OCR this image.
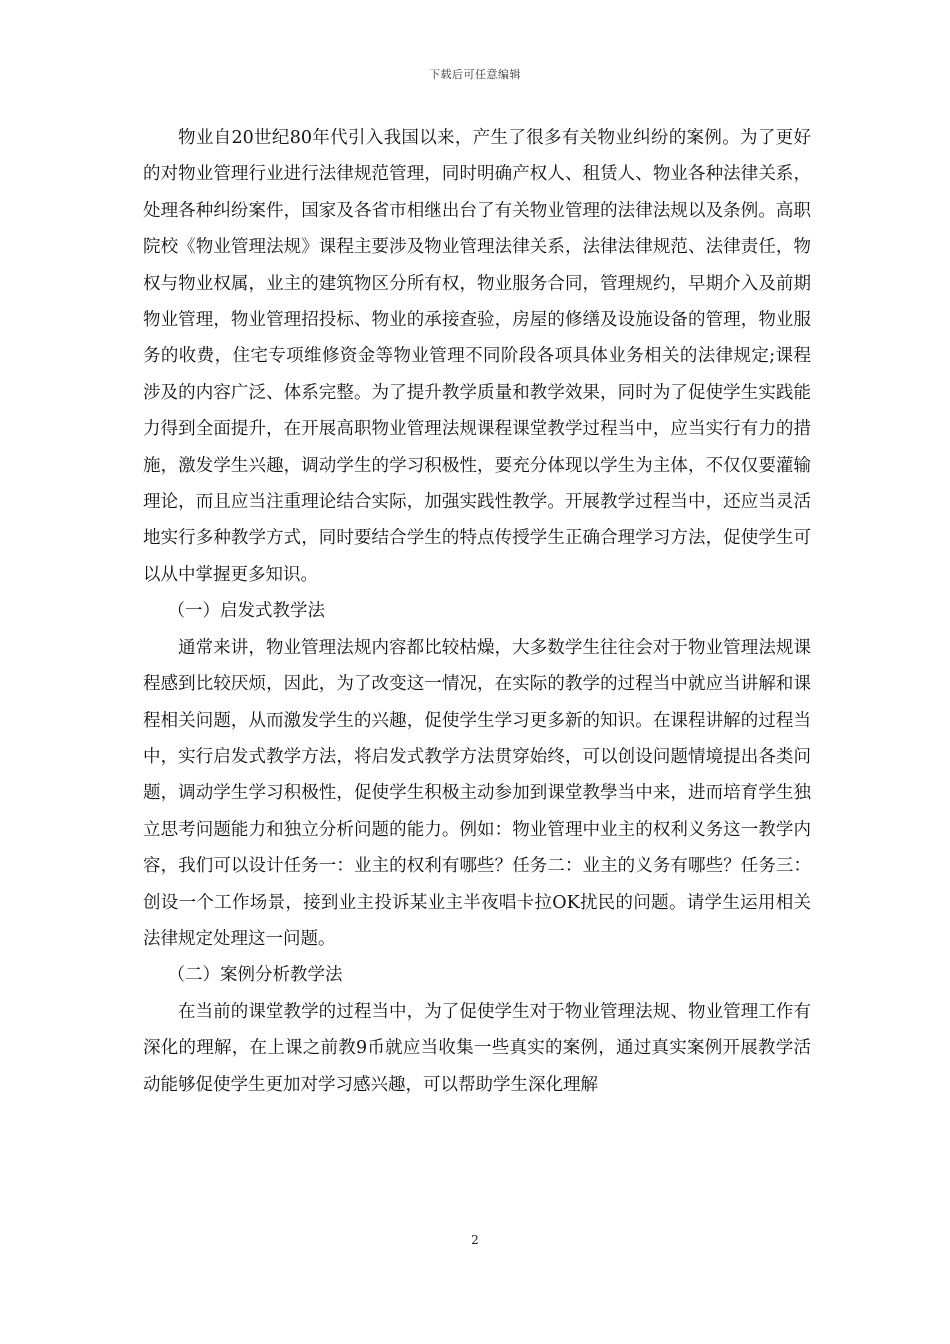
下载后可任意编辑

物业自20世纪80年代引入我国以来，产生了很多有关物业纠纷的案例。为了更好的对物业管理行业进行法律规范管理，同时明确产权人、租赁人、物业各种法律关系，处理各种纠纷案件，国家及各省市相继出台了有关物业管理的法律法规以及条例。高职院校《物业管理法规》课程主要涉及物业管理法律关系，法律法律规范、法律责任，物权与物业权属，业主的建筑物区分所有权，物业服务合同，管理规约，早期介入及前期物业管理，物业管理招投标、物业的承接查验，房屋的修缮及设施设备的管理，物业服务的收费，住宅专项维修资金等物业管理不同阶段各项具体业务相关的法律规定;课程涉及的内容广泛、体系完整。为了提升教学质量和教学效果，同时为了促使学生实践能力得到全面提升，在开展高职物业管理法规课程课堂教学过程当中，应当实行有力的措施，激发学生兴趣，调动学生的学习积极性，要充分体现以学生为主体，不仅仅要灌输理论，而且应当注重理论结合实际，加强实践性教学。开展教学过程当中，还应当灵活地实行多种教学方式，同时要结合学生的特点传授学生正确合理学习方法，促使学生可以从中掌握更多知识。

（一）启发式教学法

通常来讲，物业管理法规内容都比较枯燥，大多数学生往往会对于物业管理法规课程感到比较厌烦，因此，为了改变这一情况，在实际的教学的过程当中就应当讲解和课程相关问题，从而激发学生的兴趣，促使学生学习更多新的知识。在课程讲解的过程当中，实行启发式教学方法，将启发式教学方法贯穿始终，可以创设问题情境提出各类问题，调动学生学习积极性，促使学生积极主动参加到课堂教學当中来，进而培育学生独立思考问题能力和独立分析问题的能力。例如：物业管理中业主的权利义务这一教学内容，我们可以设计任务一：业主的权利有哪些？任务二：业主的义务有哪些？任务三：创设一个工作场景，接到业主投诉某业主半夜唱卡拉OK扰民的问题。请学生运用相关法律规定处理这一问题。

（二）案例分析教学法

在当前的课堂教学的过程当中，为了促使学生对于物业管理法规、物业管理工作有深化的理解，在上课之前教9币就应当收集一些真实的案例，通过真实案例开展教学活动能够促使学生更加对学习感兴趣，可以帮助学生深化理解

2
